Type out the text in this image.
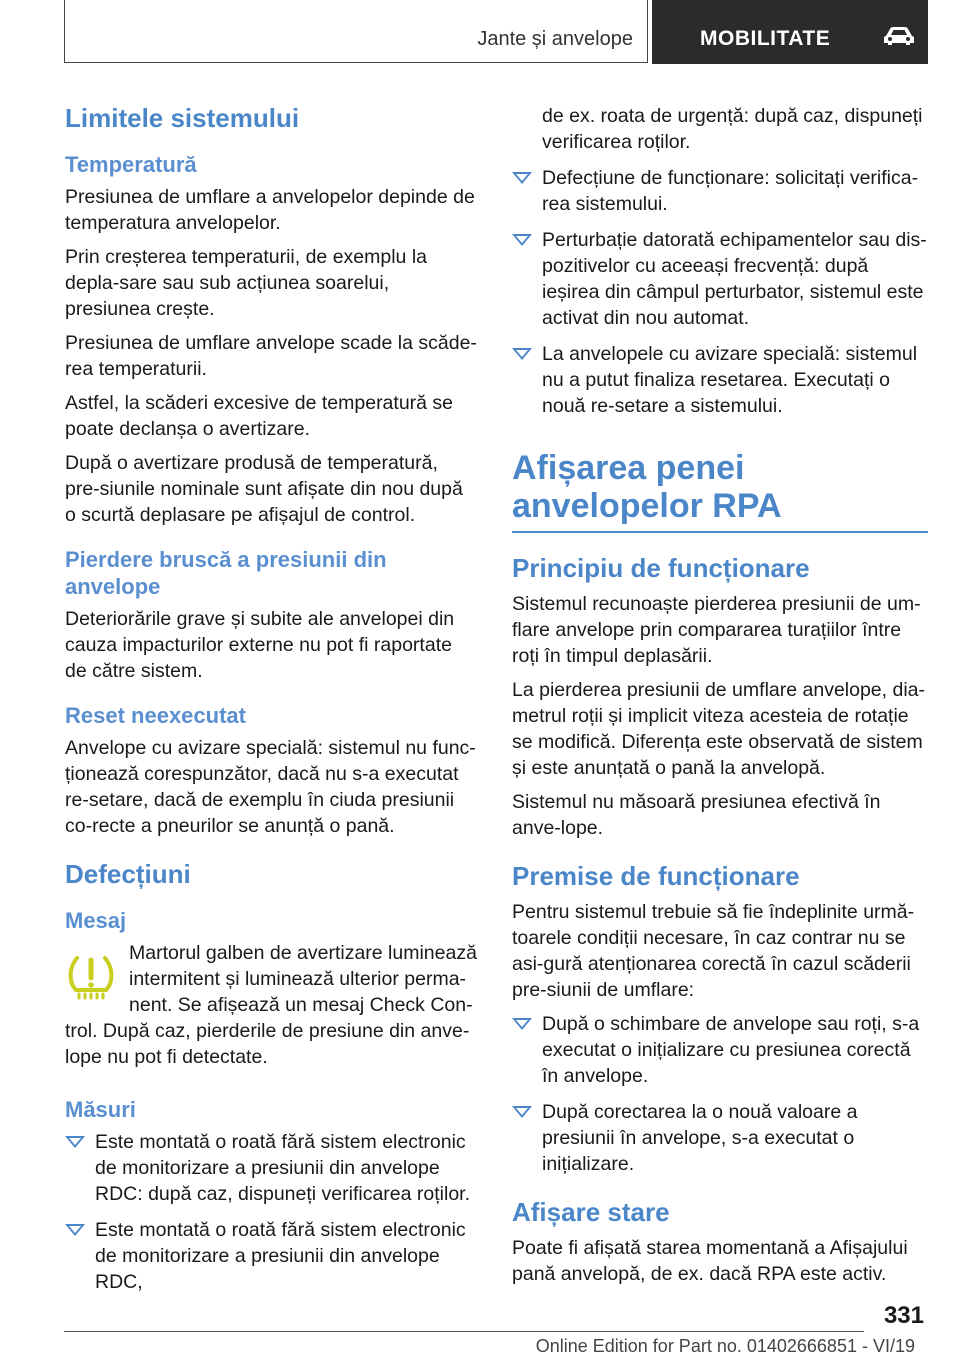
Jante și anvelope	MOBILITATE
Limitele sistemului
Temperatură

Presiunea de umflare a anvelopelor depinde de temperatura anvelopelor.

Prin creșterea temperaturii, de exemplu la depla‐sare sau sub acțiunea soarelui, presiunea crește.

Presiunea de umflare anvelope scade la scăde‐rea temperaturii.

Astfel, la scăderi excesive de temperatură se poate declanșa o avertizare.

După o avertizare produsă de temperatură, pre‐siunile nominale sunt afișate din nou după o scurtă deplasare pe afișajul de control.

Pierdere bruscă a presiunii din anvelope

Deteriorările grave și subite ale anvelopei din cauza impacturilor externe nu pot fi raportate de către sistem.

Reset neexecutat

Anvelope cu avizare specială: sistemul nu func‐ționează corespunzător, dacă nu s-a executat re‐setare, dacă de exemplu în ciuda presiunii co‐recte a pneurilor se anunță o pană.

Defecțiuni
Mesaj

Martorul galben de avertizare luminează intermitent și luminează ulterior perma‐nent. Se afișează un mesaj Check Con‐trol. După caz, pierderile de presiune din anve‐lope nu pot fi detectate.

Măsuri
Este montată o roată fără sistem electronic de monitorizare a presiunii din anvelope RDC: după caz, dispuneți verificarea roților.
Este montată o roată fără sistem electronic de monitorizare a presiunii din anvelope RDC,
de ex. roata de urgență: după caz, dispuneți verificarea roților.
Defecțiune de funcționare: solicitați verifica‐rea sistemului.
Perturbație datorată echipamentelor sau dis‐pozitivelor cu aceeași frecvență: după ieșirea din câmpul perturbator, sistemul este activat din nou automat.
La anvelopele cu avizare specială: sistemul nu a putut finaliza resetarea. Executați o nouă re‐setare a sistemului.
Afișarea penei anvelopelor RPA
Principiu de funcționare

Sistemul recunoaște pierderea presiunii de um‐flare anvelope prin compararea turațiilor între roți în timpul deplasării.

La pierderea presiunii de umflare anvelope, dia‐metrul roții și implicit viteza acesteia de rotație se modifică. Diferența este observată de sistem și este anunțată o pană la anvelopă.

Sistemul nu măsoară presiunea efectivă în anve‐lope.

Premise de funcționare

Pentru sistemul trebuie să fie îndeplinite urmă‐toarele condiții necesare, în caz contrar nu se asi‐gură atenționarea corectă în cazul scăderii pre‐siunii de umflare:

După o schimbare de anvelope sau roți, s-a executat o inițializare cu presiunea corectă în anvelope.
După corectarea la o nouă valoare a presiunii în anvelope, s-a executat o inițializare.
Afișare stare

Poate fi afișată starea momentană a Afișajului pană anvelopă, de ex. dacă RPA este activ.

331
Online Edition for Part no. 01402666851 - VI/19
